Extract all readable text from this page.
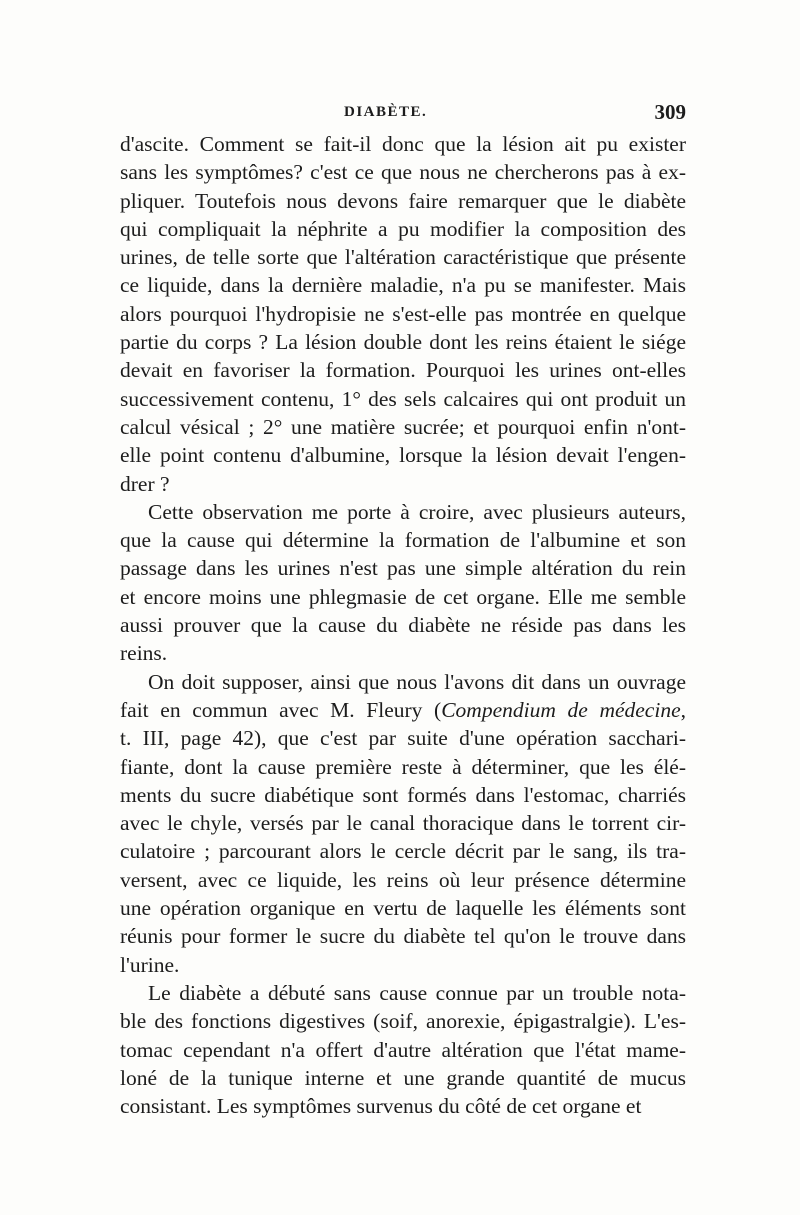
DIABÈTE.	309
d'ascite. Comment se fait-il donc que la lésion ait pu exister
sans les symptômes? c'est ce que nous ne chercherons pas à ex-
pliquer. Toutefois nous devons faire remarquer que le diabète
qui compliquait la néphrite a pu modifier la composition des
urines, de telle sorte que l'altération caractéristique que présente
ce liquide, dans la dernière maladie, n'a pu se manifester. Mais
alors pourquoi l'hydropisie ne s'est-elle pas montrée en quelque
partie du corps ? La lésion double dont les reins étaient le siége
devait en favoriser la formation. Pourquoi les urines ont-elles
successivement contenu, 1° des sels calcaires qui ont produit un
calcul vésical ; 2° une matière sucrée; et pourquoi enfin n'ont-
elle point contenu d'albumine, lorsque la lésion devait l'engen-
drer ?
Cette observation me porte à croire, avec plusieurs auteurs,
que la cause qui détermine la formation de l'albumine et son
passage dans les urines n'est pas une simple altération du rein
et encore moins une phlegmasie de cet organe. Elle me semble
aussi prouver que la cause du diabète ne réside pas dans les
reins.
On doit supposer, ainsi que nous l'avons dit dans un ouvrage
fait en commun avec M. Fleury (Compendium de médecine,
t. III, page 42), que c'est par suite d'une opération sacchari-
fiante, dont la cause première reste à déterminer, que les élé-
ments du sucre diabétique sont formés dans l'estomac, charriés
avec le chyle, versés par le canal thoracique dans le torrent cir-
culatoire ; parcourant alors le cercle décrit par le sang, ils tra-
versent, avec ce liquide, les reins où leur présence détermine
une opération organique en vertu de laquelle les éléments sont
réunis pour former le sucre du diabète tel qu'on le trouve dans
l'urine.
Le diabète a débuté sans cause connue par un trouble nota-
ble des fonctions digestives (soif, anorexie, épigastralgie). L'es-
tomac cependant n'a offert d'autre altération que l'état mame-
loné de la tunique interne et une grande quantité de mucus
consistant. Les symptômes survenus du côté de cet organe et
